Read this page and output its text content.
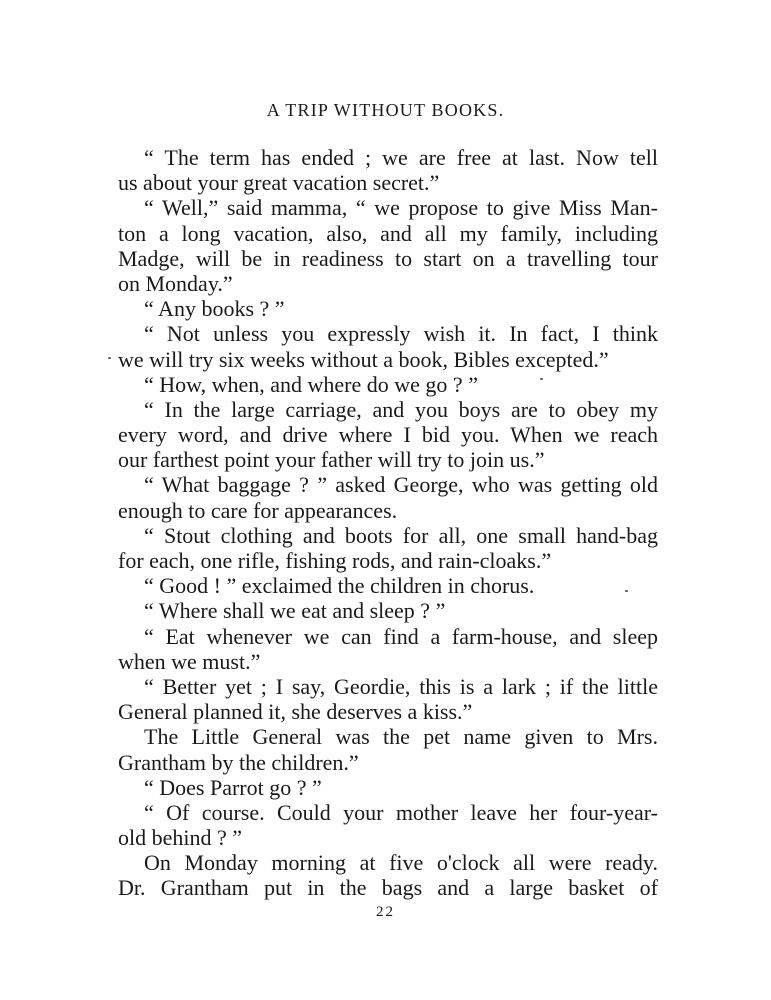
A TRIP WITHOUT BOOKS.
“ The term has ended ; we are free at last. Now tell
us about your great vacation secret.”
“ Well,” said mamma, “ we propose to give Miss Man-
ton a long vacation, also, and all my family, including
Madge, will be in readiness to start on a travelling tour
on Monday.”
“ Any books ? ”
“ Not unless you expressly wish it. In fact, I think
we will try six weeks without a book, Bibles excepted.”
“ How, when, and where do we go ? ”
“ In the large carriage, and you boys are to obey my
every word, and drive where I bid you. When we reach
our farthest point your father will try to join us.”
“ What baggage ? ” asked George, who was getting old
enough to care for appearances.
“ Stout clothing and boots for all, one small hand-bag
for each, one rifle, fishing rods, and rain-cloaks.”
“ Good ! ” exclaimed the children in chorus.
“ Where shall we eat and sleep ? ”
“ Eat whenever we can find a farm-house, and sleep
when we must.”
“ Better yet ; I say, Geordie, this is a lark ; if the little
General planned it, she deserves a kiss.”
The Little General was the pet name given to Mrs.
Grantham by the children.”
“ Does Parrot go ? ”
“ Of course. Could your mother leave her four-year-
old behind ? ”
On Monday morning at five o'clock all were ready.
Dr. Grantham put in the bags and a large basket of
22
